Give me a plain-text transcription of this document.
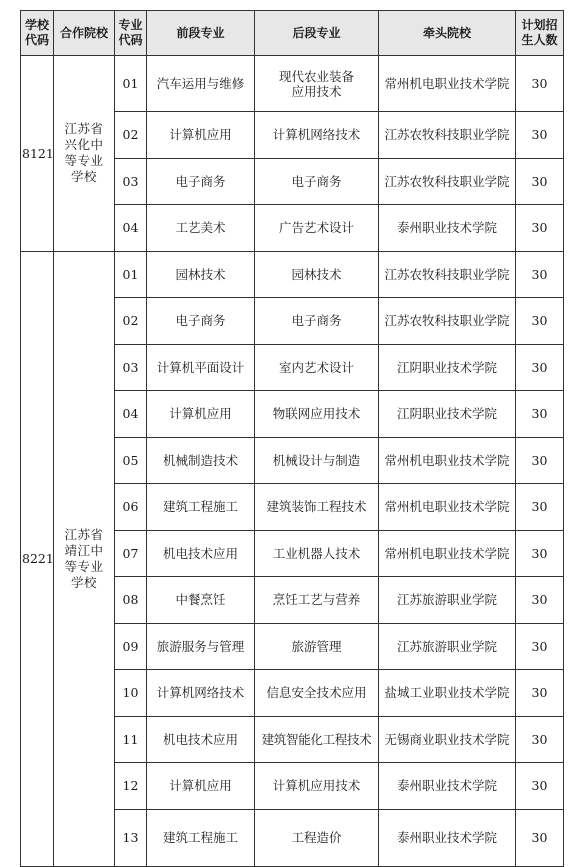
学校代码	合作院校	专业代码	前段专业	后段专业	牵头院校	计划招生人数
8121	江苏省兴化中等专业学校	01	汽车运用与维修	现代农业装备应用技术	常州机电职业技术学院	30
		02	计算机应用	计算机网络技术	江苏农牧科技职业学院	30
		03	电子商务	电子商务	江苏农牧科技职业学院	30
		04	工艺美术	广告艺术设计	泰州职业技术学院	30
8221	江苏省靖江中等专业学校	01	园林技术	园林技术	江苏农牧科技职业学院	30
		02	电子商务	电子商务	江苏农牧科技职业学院	30
		03	计算机平面设计	室内艺术设计	江阴职业技术学院	30
		04	计算机应用	物联网应用技术	江阴职业技术学院	30
		05	机械制造技术	机械设计与制造	常州机电职业技术学院	30
		06	建筑工程施工	建筑装饰工程技术	常州机电职业技术学院	30
		07	机电技术应用	工业机器人技术	常州机电职业技术学院	30
		08	中餐烹饪	烹饪工艺与营养	江苏旅游职业学院	30
		09	旅游服务与管理	旅游管理	江苏旅游职业学院	30
		10	计算机网络技术	信息安全技术应用	盐城工业职业技术学院	30
		11	机电技术应用	建筑智能化工程技术	无锡商业职业技术学院	30
		12	计算机应用	计算机应用技术	泰州职业技术学院	30
		13	建筑工程施工	工程造价	泰州职业技术学院	30
